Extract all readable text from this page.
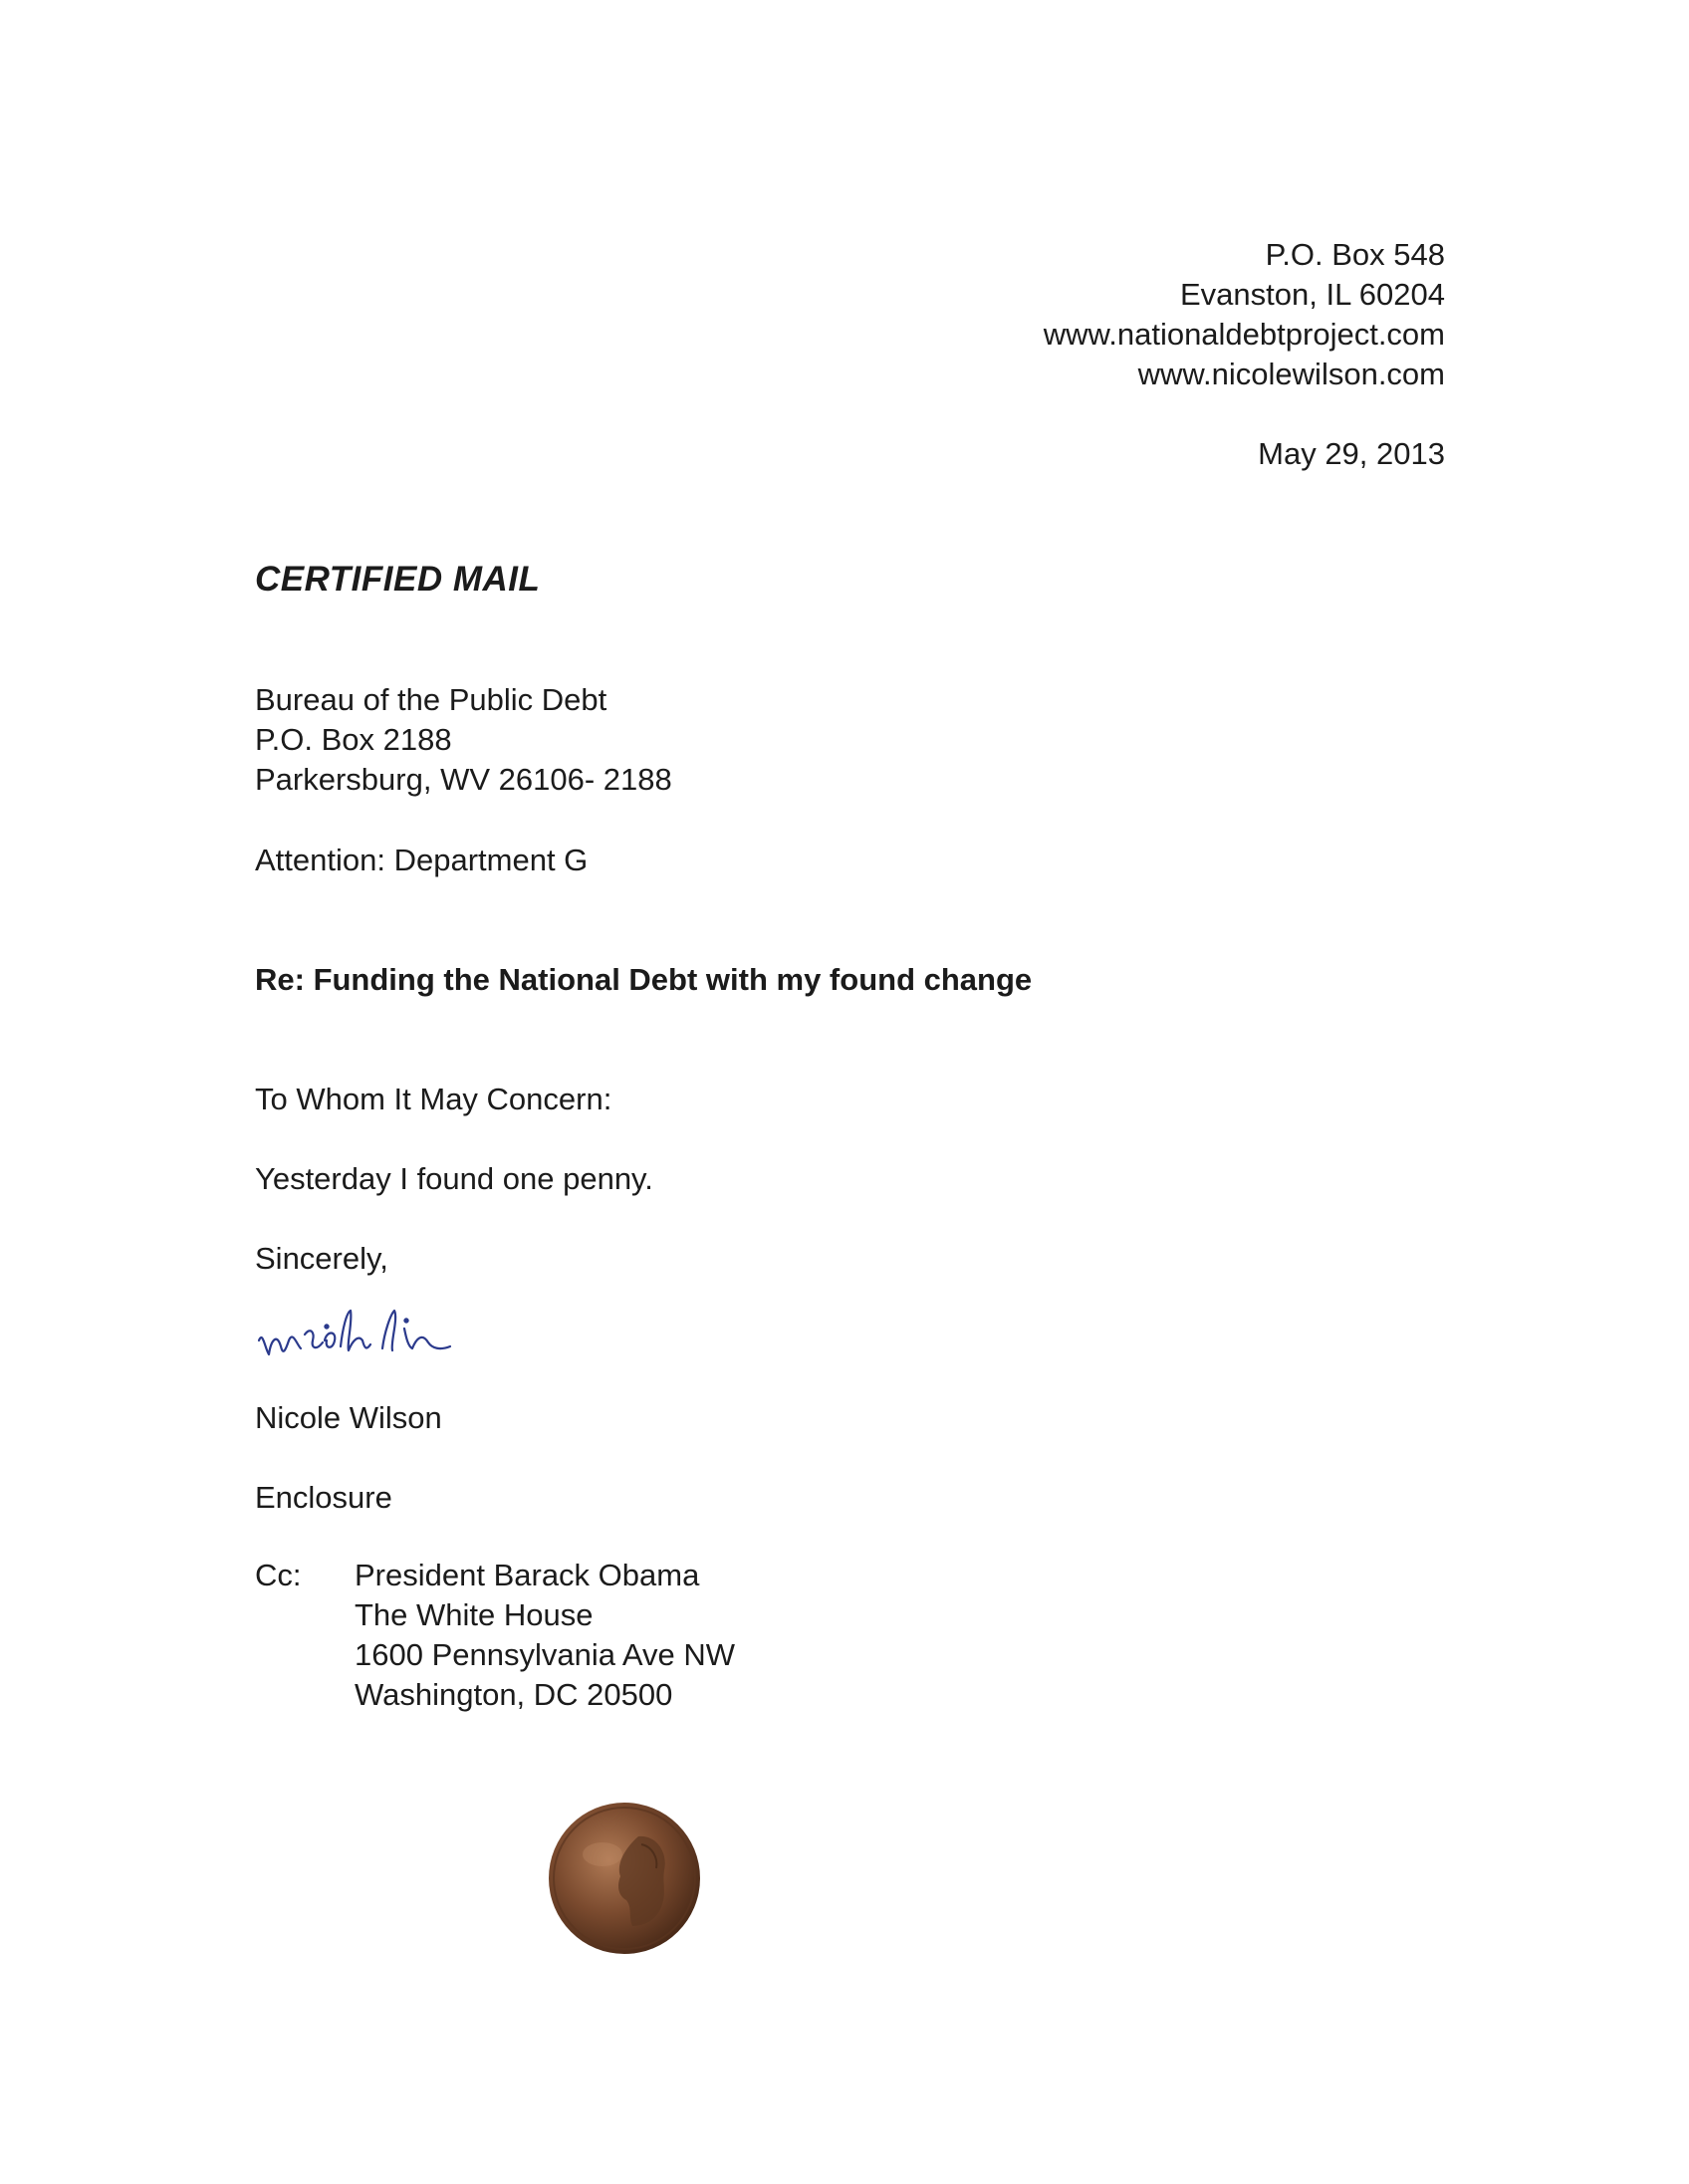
P.O. Box 548
Evanston, IL 60204
www.nationaldebtproject.com
www.nicolewilson.com
May 29, 2013
CERTIFIED MAIL
Bureau of the Public Debt
P.O. Box 2188
Parkersburg, WV 26106- 2188
Attention: Department G
Re: Funding the National Debt with my found change
To Whom It May Concern:
Yesterday I found one penny.
Sincerely,
Nicole Wilson
Enclosure
Cc: President Barack Obama
The White House
1600 Pennsylvania Ave NW
Washington, DC 20500
